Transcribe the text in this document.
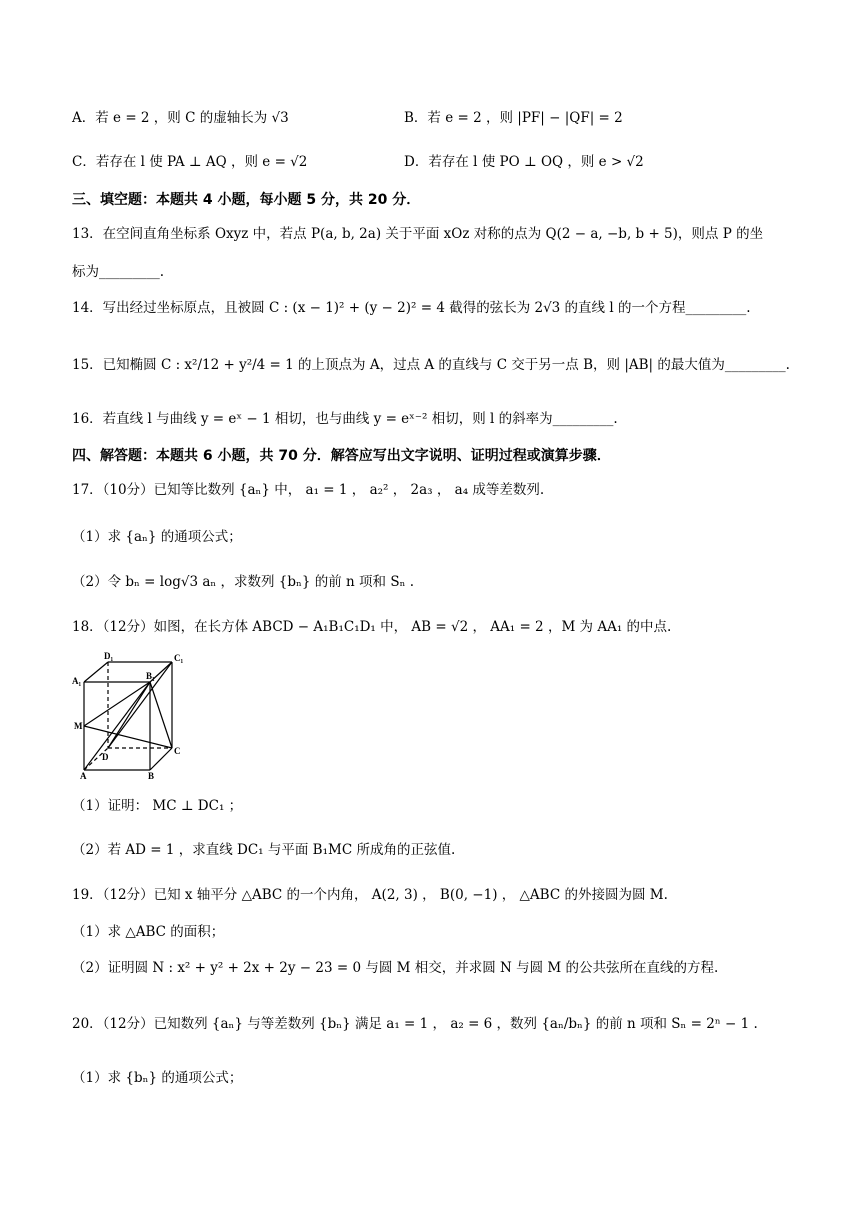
A．若 e = 2 ，则 C 的虚轴长为 √3	B．若 e = 2 ，则 |PF| − |QF| = 2
C．若存在 l 使 PA ⊥ AQ ，则 e = √2	D．若存在 l 使 PO ⊥ OQ ，则 e > √2
三、填空题：本题共 4 小题，每小题 5 分，共 20 分．
13．在空间直角坐标系 Oxyz 中，若点 P(a, b, 2a) 关于平面 xOz 对称的点为 Q(2 − a, −b, b + 5)，则点 P 的坐
标为_________.
14．写出经过坐标原点，且被圆 C : (x − 1)² + (y − 2)² = 4 截得的弦长为 2√3 的直线 l 的一个方程_________.
15．已知椭圆 C : x²/12 + y²/4 = 1 的上顶点为 A，过点 A 的直线与 C 交于另一点 B，则 |AB| 的最大值为_________.
16．若直线 l 与曲线 y = eˣ − 1 相切，也与曲线 y = eˣ⁻² 相切，则 l 的斜率为_________.
四、解答题：本题共 6 小题，共 70 分．解答应写出文字说明、证明过程或演算步骤．
17．（10分）已知等比数列 {aₙ} 中， a₁ = 1 ， a₂² ， 2a₃ ， a₄ 成等差数列.
（1）求 {aₙ} 的通项公式；
（2）令 bₙ = log√3 aₙ ，求数列 {bₙ} 的前 n 项和 Sₙ .
18．（12分）如图，在长方体 ABCD − A₁B₁C₁D₁ 中， AB = √2 ， AA₁ = 2 ，M 为 AA₁ 的中点.
（1）证明： MC ⊥ DC₁ ；
（2）若 AD = 1 ，求直线 DC₁ 与平面 B₁MC 所成角的正弦值.
19．（12分）已知 x 轴平分 △ABC 的一个内角， A(2, 3) ， B(0, −1) ， △ABC 的外接圆为圆 M.
（1）求 △ABC 的面积；
（2）证明圆 N : x² + y² + 2x + 2y − 23 = 0 与圆 M 相交，并求圆 N 与圆 M 的公共弦所在直线的方程.
20．（12分）已知数列 {aₙ} 与等差数列 {bₙ} 满足 a₁ = 1 ， a₂ = 6 ，数列 {aₙ/bₙ} 的前 n 项和 Sₙ = 2ⁿ − 1 .
（1）求 {bₙ} 的通项公式；
D₁	C₁
A₁	B₁
M
D
C
A	B
